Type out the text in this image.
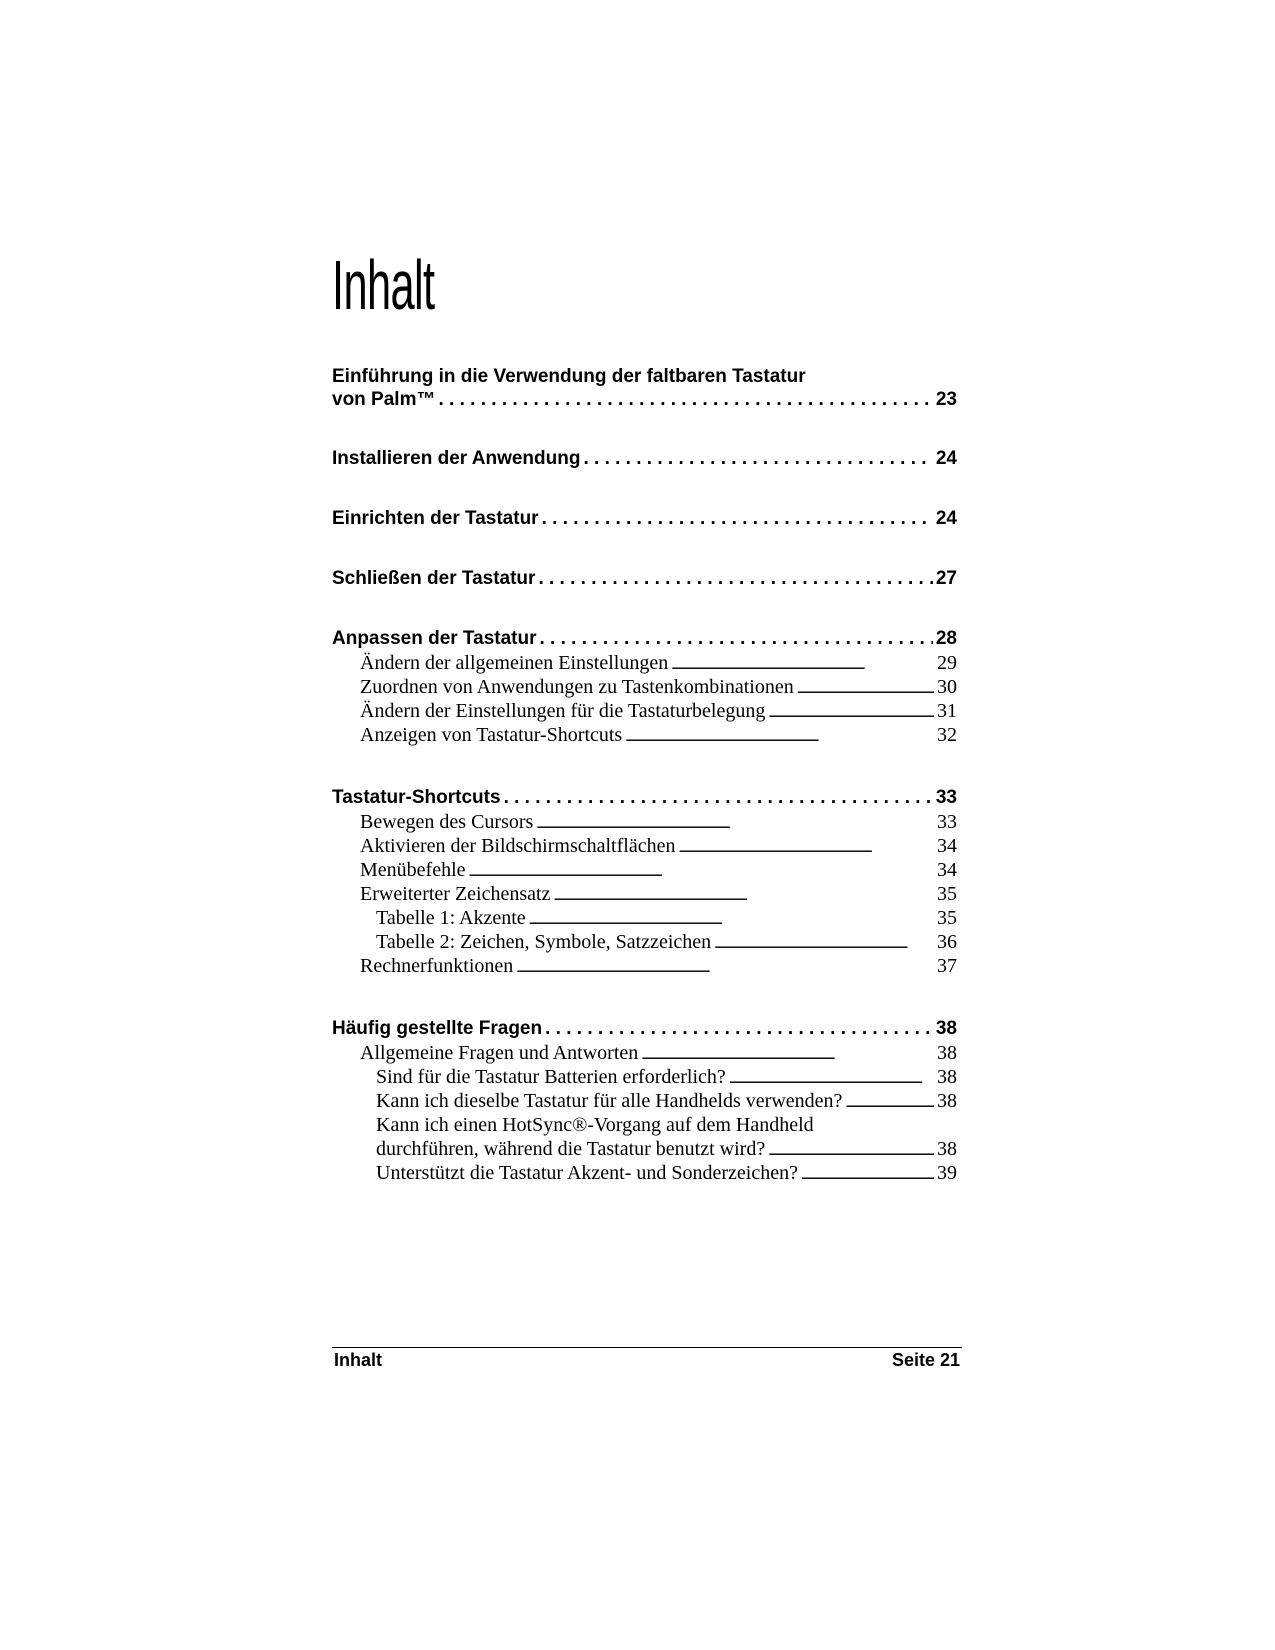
Inhalt
Einführung in die Verwendung der faltbaren Tastatur
von Palm™ . . .	23
Installieren der Anwendung . . .	24
Einrichten der Tastatur . . .	24
Schließen der Tastatur . . .	27
Anpassen der Tastatur . . .	28
Ändern der allgemeinen Einstellungen . . .	29
Zuordnen von Anwendungen zu Tastenkombinationen . . .	30
Ändern der Einstellungen für die Tastaturbelegung . . .	31
Anzeigen von Tastatur-Shortcuts . . .	32
Tastatur-Shortcuts . . .	33
Bewegen des Cursors . . .	33
Aktivieren der Bildschirmschaltflächen . . .	34
Menübefehle . . .	34
Erweiterter Zeichensatz . . .	35
Tabelle 1: Akzente . . .	35
Tabelle 2: Zeichen, Symbole, Satzzeichen . . .	36
Rechnerfunktionen . . .	37
Häufig gestellte Fragen . . .	38
Allgemeine Fragen und Antworten . . .	38
Sind für die Tastatur Batterien erforderlich? . . .	38
Kann ich dieselbe Tastatur für alle Handhelds verwenden? . . .	38
Kann ich einen HotSync®-Vorgang auf dem Handheld
durchführen, während die Tastatur benutzt wird? . . .	38
Unterstützt die Tastatur Akzent- und Sonderzeichen? . . .	39
Inhalt	Seite 21
